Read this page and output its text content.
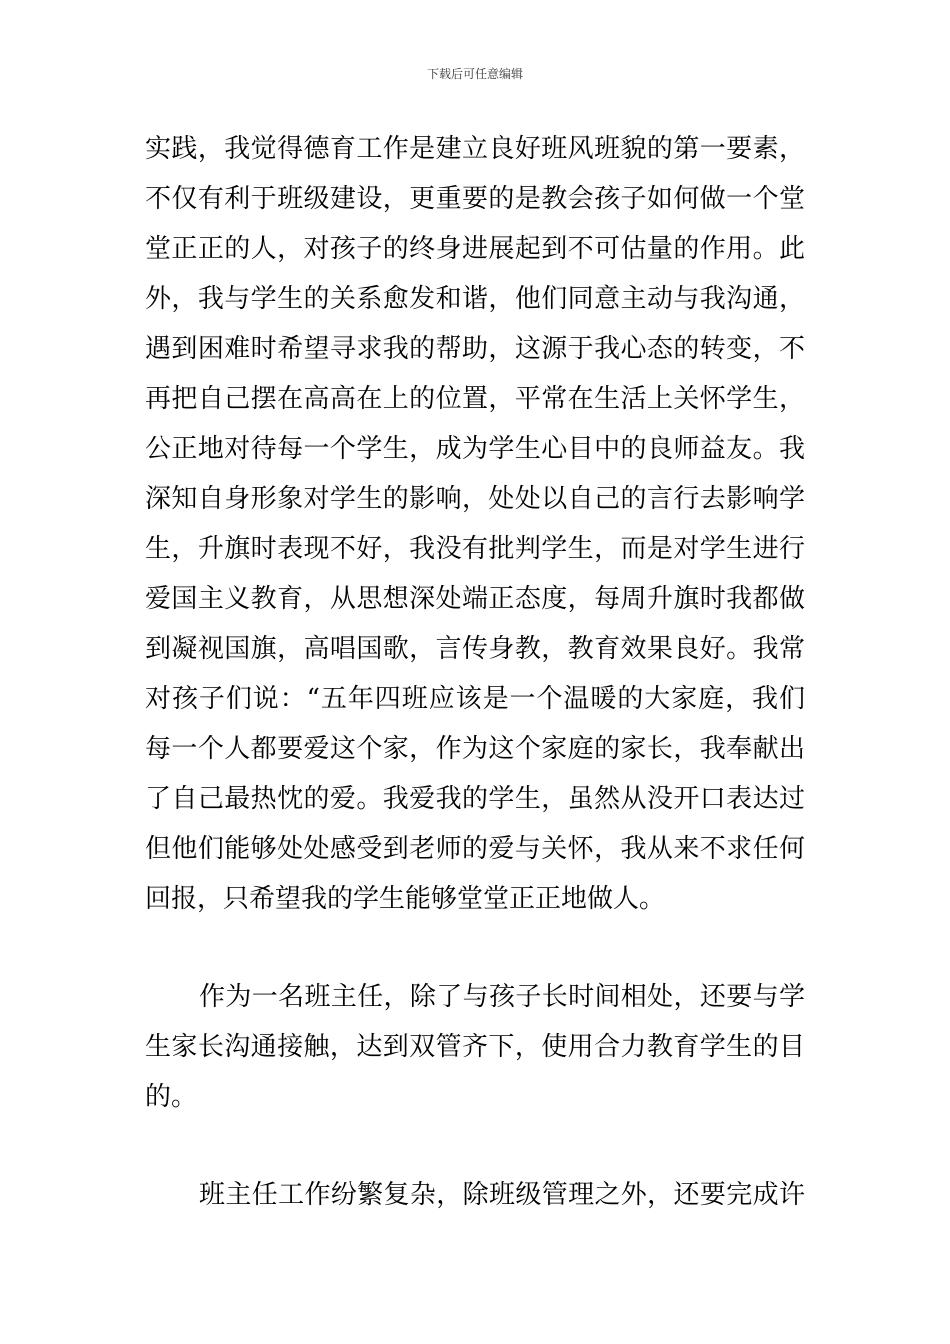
下载后可任意编辑
实践，我觉得德育工作是建立良好班风班貌的第一要素，
不仅有利于班级建设，更重要的是教会孩子如何做一个堂
堂正正的人，对孩子的终身进展起到不可估量的作用。此
外，我与学生的关系愈发和谐，他们同意主动与我沟通，
遇到困难时希望寻求我的帮助，这源于我心态的转变，不
再把自己摆在高高在上的位置，平常在生活上关怀学生，
公正地对待每一个学生，成为学生心目中的良师益友。我
深知自身形象对学生的影响，处处以自己的言行去影响学
生，升旗时表现不好，我没有批判学生，而是对学生进行
爱国主义教育，从思想深处端正态度，每周升旗时我都做
到凝视国旗，高唱国歌，言传身教，教育效果良好。我常
对孩子们说：“五年四班应该是一个温暖的大家庭，我们
每一个人都要爱这个家，作为这个家庭的家长，我奉献出
了自己最热忱的爱。我爱我的学生，虽然从没开口表达过
但他们能够处处感受到老师的爱与关怀，我从来不求任何
回报，只希望我的学生能够堂堂正正地做人。
作为一名班主任，除了与孩子长时间相处，还要与学
生家长沟通接触，达到双管齐下，使用合力教育学生的目
的。
班主任工作纷繁复杂，除班级管理之外，还要完成许
